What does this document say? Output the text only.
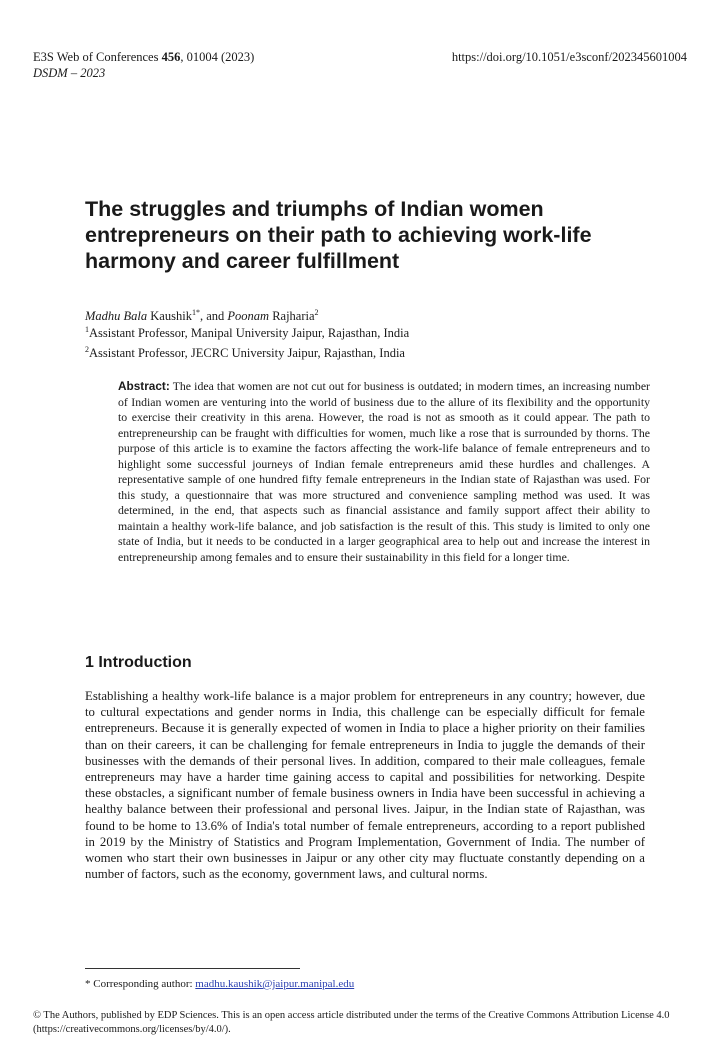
E3S Web of Conferences 456, 01004 (2023)
DSDM – 2023
https://doi.org/10.1051/e3sconf/202345601004
The struggles and triumphs of Indian women entrepreneurs on their path to achieving work-life harmony and career fulfillment
Madhu Bala Kaushik$^{1*}$, and Poonam Rajharia$^2$
$^1$Assistant Professor, Manipal University Jaipur, Rajasthan, India
$^2$Assistant Professor, JECRC University Jaipur, Rajasthan, India

Abstract: The idea that women are not cut out for business is outdated; in modern times, an increasing number of Indian women are venturing into the world of business due to the allure of its flexibility and the opportunity to exercise their creativity in this arena. However, the road is not as smooth as it could appear. The path to entrepreneurship can be fraught with difficulties for women, much like a rose that is surrounded by thorns. The purpose of this article is to examine the factors affecting the work-life balance of female entrepreneurs and to highlight some successful journeys of Indian female entrepreneurs amid these hurdles and challenges. A representative sample of one hundred fifty female entrepreneurs in the Indian state of Rajasthan was used. For this study, a questionnaire that was more structured and convenience sampling method was used. It was determined, in the end, that aspects such as financial assistance and family support affect their ability to maintain a healthy work-life balance, and job satisfaction is the result of this. This study is limited to only one state of India, but it needs to be conducted in a larger geographical area to help out and increase the interest in entrepreneurship among females and to ensure their sustainability in this field for a longer time.

1 Introduction

Establishing a healthy work-life balance is a major problem for entrepreneurs in any country; however, due to cultural expectations and gender norms in India, this challenge can be especially difficult for female entrepreneurs. Because it is generally expected of women in India to place a higher priority on their families than on their careers, it can be challenging for female entrepreneurs in India to juggle the demands of their businesses with the demands of their personal lives. In addition, compared to their male colleagues, female entrepreneurs may have a harder time gaining access to capital and possibilities for networking. Despite these obstacles, a significant number of female business owners in India have been successful in achieving a healthy balance between their professional and personal lives. Jaipur, in the Indian state of Rajasthan, was found to be home to 13.6% of India's total number of female entrepreneurs, according to a report published in 2019 by the Ministry of Statistics and Program Implementation, Government of India. The number of women who start their own businesses in Jaipur or any other city may fluctuate constantly depending on a number of factors, such as the economy, government laws, and cultural norms.

* Corresponding author: madhu.kaushik@jaipur.manipal.edu
© The Authors, published by EDP Sciences. This is an open access article distributed under the terms of the Creative Commons Attribution License 4.0 (https://creativecommons.org/licenses/by/4.0/).
